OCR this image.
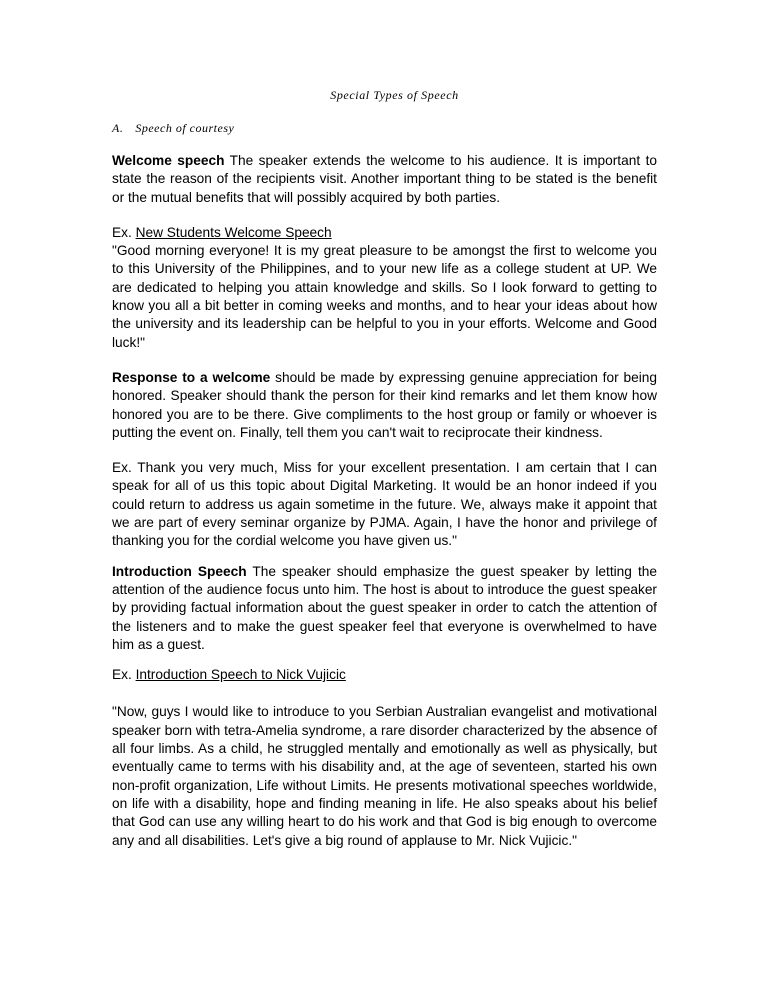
Special Types of Speech
A. Speech of courtesy

Welcome speech The speaker extends the welcome to his audience. It is important to state the reason of the recipients visit. Another important thing to be stated is the benefit or the mutual benefits that will possibly acquired by both parties.

Ex. New Students Welcome Speech

"Good morning everyone! It is my great pleasure to be amongst the first to welcome you to this University of the Philippines, and to your new life as a college student at UP. We are dedicated to helping you attain knowledge and skills. So I look forward to getting to know you all a bit better in coming weeks and months, and to hear your ideas about how the university and its leadership can be helpful to you in your efforts. Welcome and Good luck!"

Response to a welcome should be made by expressing genuine appreciation for being honored. Speaker should thank the person for their kind remarks and let them know how honored you are to be there. Give compliments to the host group or family or whoever is putting the event on. Finally, tell them you can't wait to reciprocate their kindness.

Ex. Thank you very much, Miss for your excellent presentation. I am certain that I can speak for all of us this topic about Digital Marketing. It would be an honor indeed if you could return to address us again sometime in the future. We, always make it appoint that we are part of every seminar organize by PJMA. Again, I have the honor and privilege of thanking you for the cordial welcome you have given us."

Introduction Speech The speaker should emphasize the guest speaker by letting the attention of the audience focus unto him. The host is about to introduce the guest speaker by providing factual information about the guest speaker in order to catch the attention of the listeners and to make the guest speaker feel that everyone is overwhelmed to have him as a guest.

Ex. Introduction Speech to Nick Vujicic

"Now, guys I would like to introduce to you Serbian Australian evangelist and motivational speaker born with tetra-Amelia syndrome, a rare disorder characterized by the absence of all four limbs. As a child, he struggled mentally and emotionally as well as physically, but eventually came to terms with his disability and, at the age of seventeen, started his own non-profit organization, Life without Limits. He presents motivational speeches worldwide, on life with a disability, hope and finding meaning in life. He also speaks about his belief that God can use any willing heart to do his work and that God is big enough to overcome any and all disabilities. Let's give a big round of applause to Mr. Nick Vujicic."
